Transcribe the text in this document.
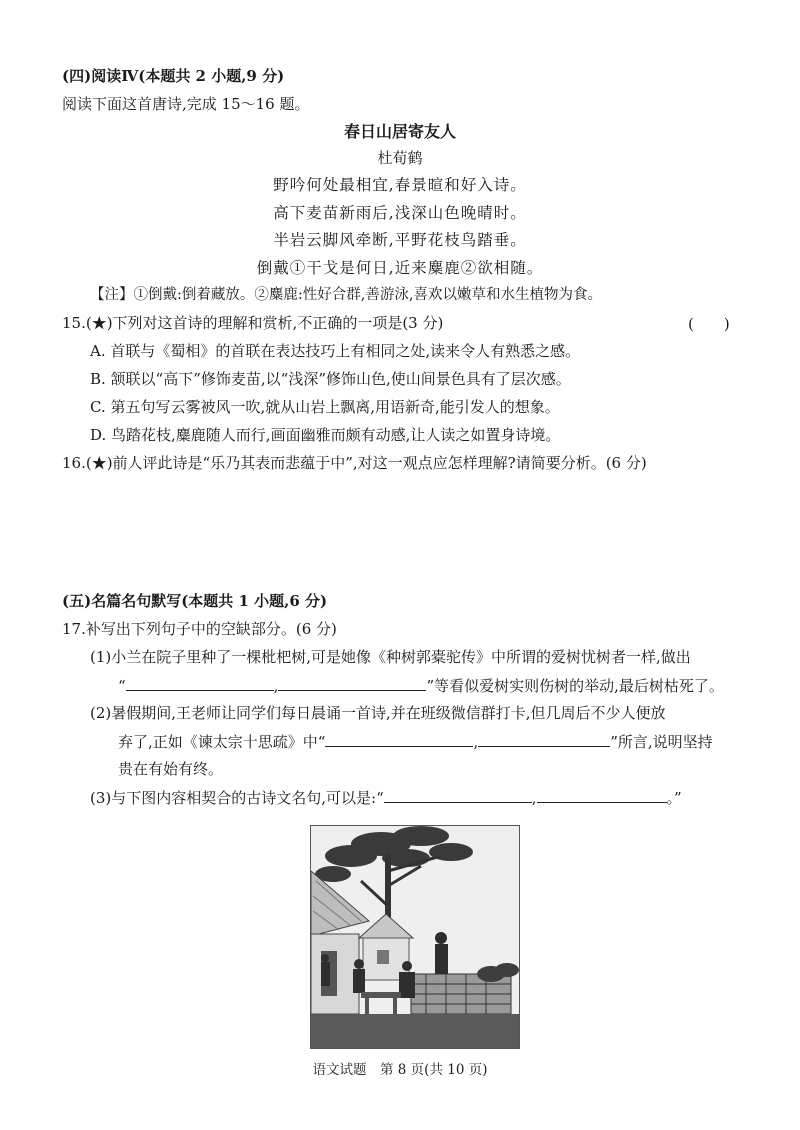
(四)阅读Ⅳ(本题共 2 小题,9 分)
阅读下面这首唐诗,完成 15～16 题。
春日山居寄友人
杜荀鹤
野吟何处最相宜,春景暄和好入诗。
高下麦苗新雨后,浅深山色晚晴时。
半岩云脚风牵断,平野花枝鸟踏垂。
倒戴①干戈是何日,近来麋鹿②欲相随。
【注】①倒戴:倒着藏放。②麋鹿:性好合群,善游泳,喜欢以嫩草和水生植物为食。
15.(★)下列对这首诗的理解和赏析,不正确的一项是(3 分)	(　　)
A. 首联与《蜀相》的首联在表达技巧上有相同之处,读来令人有熟悉之感。
B. 颔联以“高下”修饰麦苗,以“浅深”修饰山色,使山间景色具有了层次感。
C. 第五句写云雾被风一吹,就从山岩上飘离,用语新奇,能引发人的想象。
D. 鸟踏花枝,麋鹿随人而行,画面幽雅而颇有动感,让人读之如置身诗境。
16.(★)前人评此诗是“乐乃其表而悲蕴于中”,对这一观点应怎样理解?请简要分析。(6 分)
(五)名篇名句默写(本题共 1 小题,6 分)
17.补写出下列句子中的空缺部分。(6 分)
(1)小兰在院子里种了一棵枇杷树,可是她像《种树郭橐驼传》中所谓的爱树忧树者一样,做出
“	,	”等看似爱树实则伤树的举动,最后树枯死了。
(2)暑假期间,王老师让同学们每日晨诵一首诗,并在班级微信群打卡,但几周后不少人便放
弃了,正如《谏太宗十思疏》中“	,	”所言,说明坚持
贵在有始有终。
(3)与下图内容相契合的古诗文名句,可以是:“	,	。”
语文试题　第 8 页(共 10 页)
